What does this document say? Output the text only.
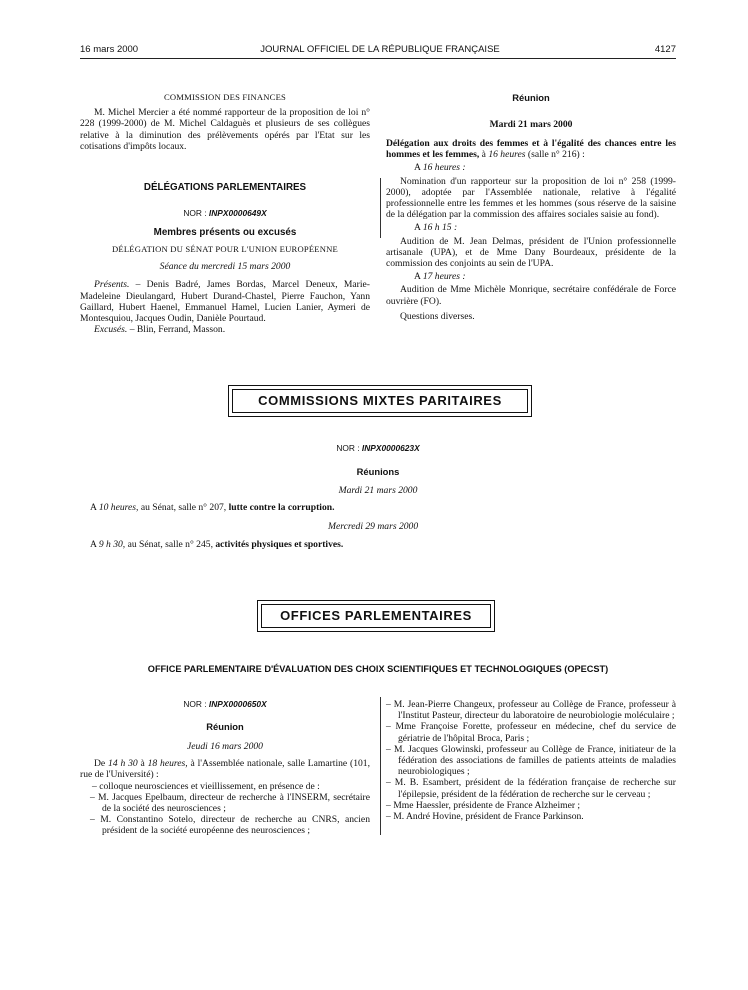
16 mars 2000	JOURNAL OFFICIEL DE LA RÉPUBLIQUE FRANÇAISE	4127

COMMISSION DES FINANCES

M. Michel Mercier a été nommé rapporteur de la proposition de loi n° 228 (1999-2000) de M. Michel Caldaguès et plusieurs de ses collègues relative à la diminution des prélèvements opérés par l'Etat sur les cotisations d'impôts locaux.

DÉLÉGATIONS PARLEMENTAIRES

NOR : INPX0000649X

Membres présents ou excusés

DÉLÉGATION DU SÉNAT POUR L'UNION EUROPÉENNE

Séance du mercredi 15 mars 2000

Présents. – Denis Badré, James Bordas, Marcel Deneux, Marie-Madeleine Dieulangard, Hubert Durand-Chastel, Pierre Fauchon, Yann Gaillard, Hubert Haenel, Emmanuel Hamel, Lucien Lanier, Aymeri de Montesquiou, Jacques Oudin, Danièle Pourtaud.

Excusés. – Blin, Ferrand, Masson.

Réunion

Mardi 21 mars 2000

Délégation aux droits des femmes et à l'égalité des chances entre les hommes et les femmes, à 16 heures (salle n° 216) :

A 16 heures :

Nomination d'un rapporteur sur la proposition de loi n° 258 (1999-2000), adoptée par l'Assemblée nationale, relative à l'égalité professionnelle entre les femmes et les hommes (sous réserve de la saisine de la délégation par la commission des affaires sociales saisie au fond).

A 16 h 15 :

Audition de M. Jean Delmas, président de l'Union professionnelle artisanale (UPA), et de Mme Dany Bourdeaux, présidente de la commission des conjoints au sein de l'UPA.

A 17 heures :

Audition de Mme Michèle Monrique, secrétaire confédérale de Force ouvrière (FO).

Questions diverses.

COMMISSIONS MIXTES PARITAIRES

NOR : INPX0000623X

Réunions

Mardi 21 mars 2000

A 10 heures, au Sénat, salle n° 207, lutte contre la corruption.

Mercredi 29 mars 2000

A 9 h 30, au Sénat, salle n° 245, activités physiques et sportives.

OFFICES PARLEMENTAIRES
OFFICE PARLEMENTAIRE D'ÉVALUATION DES CHOIX SCIENTIFIQUES ET TECHNOLOGIQUES (OPECST)

NOR : INPX0000650X

Réunion

Jeudi 16 mars 2000

De 14 h 30 à 18 heures, à l'Assemblée nationale, salle Lamartine (101, rue de l'Université) :

– colloque neurosciences et vieillissement, en présence de :

– M. Jacques Epelbaum, directeur de recherche à l'INSERM, secrétaire de la société des neurosciences ;

– M. Constantino Sotelo, directeur de recherche au CNRS, ancien président de la société européenne des neurosciences ;

– M. Jean-Pierre Changeux, professeur au Collège de France, professeur à l'Institut Pasteur, directeur du laboratoire de neurobiologie moléculaire ;

– Mme Françoise Forette, professeur en médecine, chef du service de gériatrie de l'hôpital Broca, Paris ;

– M. Jacques Glowinski, professeur au Collège de France, initiateur de la fédération des associations de familles de patients atteints de maladies neurobiologiques ;

– M. B. Esambert, président de la fédération française de recherche sur l'épilepsie, président de la fédération de recherche sur le cerveau ;

– Mme Haessler, présidente de France Alzheimer ;

– M. André Hovine, président de France Parkinson.
